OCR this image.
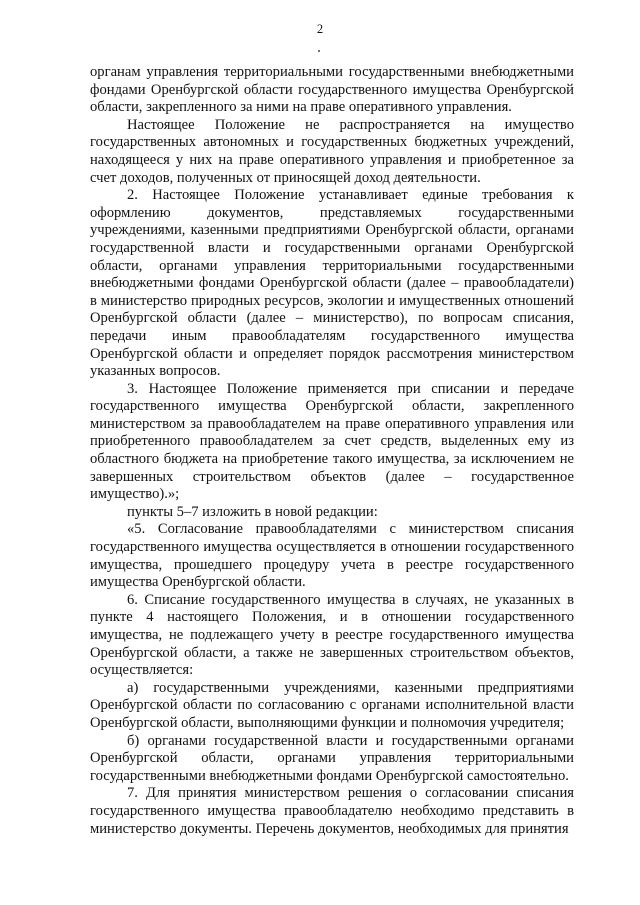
2

органам управления территориальными государственными внебюджетными фондами Оренбургской области государственного имущества Оренбургской области, закрепленного за ними на праве оперативного управления.

Настоящее Положение не распространяется на имущество государственных автономных и государственных бюджетных учреждений, находящееся у них на праве оперативного управления и приобретенное за счет доходов, полученных от приносящей доход деятельности.

2. Настоящее Положение устанавливает единые требования к оформлению документов, представляемых государственными учреждениями, казенными предприятиями Оренбургской области, органами государственной власти и государственными органами Оренбургской области, органами управления территориальными государственными внебюджетными фондами Оренбургской области (далее – правообладатели) в министерство природных ресурсов, экологии и имущественных отношений Оренбургской области (далее – министерство), по вопросам списания, передачи иным правообладателям государственного имущества Оренбургской области и определяет порядок рассмотрения министерством указанных вопросов.

3. Настоящее Положение применяется при списании и передаче государственного имущества Оренбургской области, закрепленного министерством за правообладателем на праве оперативного управления или приобретенного правообладателем за счет средств, выделенных ему из областного бюджета на приобретение такого имущества, за исключением не завершенных строительством объектов (далее – государственное имущество).»;

пункты 5–7 изложить в новой редакции:

«5. Согласование правообладателями с министерством списания государственного имущества осуществляется в отношении государственного имущества, прошедшего процедуру учета в реестре государственного имущества Оренбургской области.

6. Списание государственного имущества в случаях, не указанных в пункте 4 настоящего Положения, и в отношении государственного имущества, не подлежащего учету в реестре государственного имущества Оренбургской области, а также не завершенных строительством объектов, осуществляется:

а) государственными учреждениями, казенными предприятиями Оренбургской области по согласованию с органами исполнительной власти Оренбургской области, выполняющими функции и полномочия учредителя;

б) органами государственной власти и государственными органами Оренбургской области, органами управления территориальными государственными внебюджетными фондами Оренбургской самостоятельно.

7. Для принятия министерством решения о согласовании списания государственного имущества правообладателю необходимо представить в министерство документы. Перечень документов, необходимых для принятия
